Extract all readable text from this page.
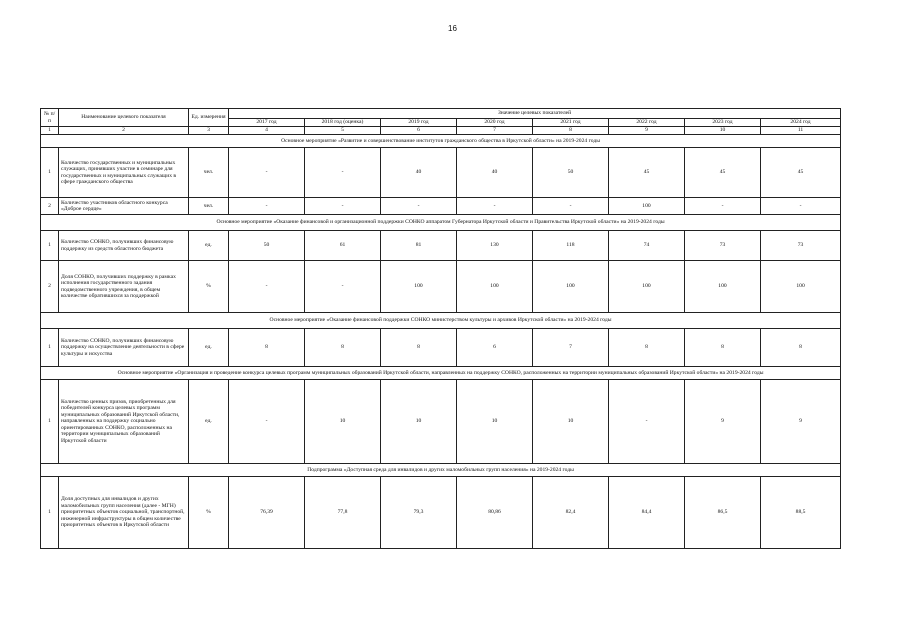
16
№ п/п	Наименование целевого показателя	Ед. измерения	Значение целевых показателей							
			2017 год	2018 год (оценка)	2019 год	2020 год	2021 год	2022 год	2023 год	2024 год
1	2	3	4	5	6	7	8	9	10	11
Основное мероприятие «Развитие и совершенствование институтов гражданского общества в Иркутской области» на 2019-2024 годы										
1	Количество государственных и муниципальных служащих, принявших участие в семинаре для государственных и муниципальных служащих в сфере гражданского общества	чел.	-	-	40	40	50	45	45	45
2	Количество участников областного конкурса «Доброе сердце»	чел.	-	-	-	-	-	100	-	-
Основное мероприятие «Оказание финансовой и организационной поддержки СОНКО аппаратом Губернатора Иркутской области и Правительства Иркутской области» на 2019-2024 годы										
1	Количество СОНКО, получивших финансовую поддержку из средств областного бюджета	ед.	50	61	81	130	118	74	73	73
2	Доля СОНКО, получивших поддержку в рамках исполнения государственного задания подведомственного учреждения, в общем количестве обратившихся за поддержкой	%	-	-	100	100	100	100	100	100
Основное мероприятие «Оказание финансовой поддержки СОНКО министерством культуры и архивов Иркутской области» на 2019-2024 годы										
1	Количество СОНКО, получивших финансовую поддержку на осуществление деятельности в сфере культуры и искусства	ед.	8	8	8	6	7	8	8	8
Основное мероприятие «Организация и проведение конкурса целевых программ муниципальных образований Иркутской области, направленных на поддержку СОНКО, расположенных на территории муниципальных образований Иркутской области» на 2019-2024 годы										
1	Количество ценных призов, приобретенных для победителей конкурса целевых программ муниципальных образований Иркутской области, направленных на поддержку социально ориентированных СОНКО, расположенных на территории муниципальных образований Иркутской области	ед.	-	10	10	10	10	-	9	9
Подпрограмма «Доступная среда для инвалидов и других маломобильных групп населения» на 2019-2024 годы										
1	Доля доступных для инвалидов и других маломобильных групп населения (далее - МГН) приоритетных объектов социальной, транспортной, инженерной инфраструктуры в общем количестве приоритетных объектов в Иркутской области	%	76,39	77,8	79,3	80,86	82,4	84,4	86,5	88,5
